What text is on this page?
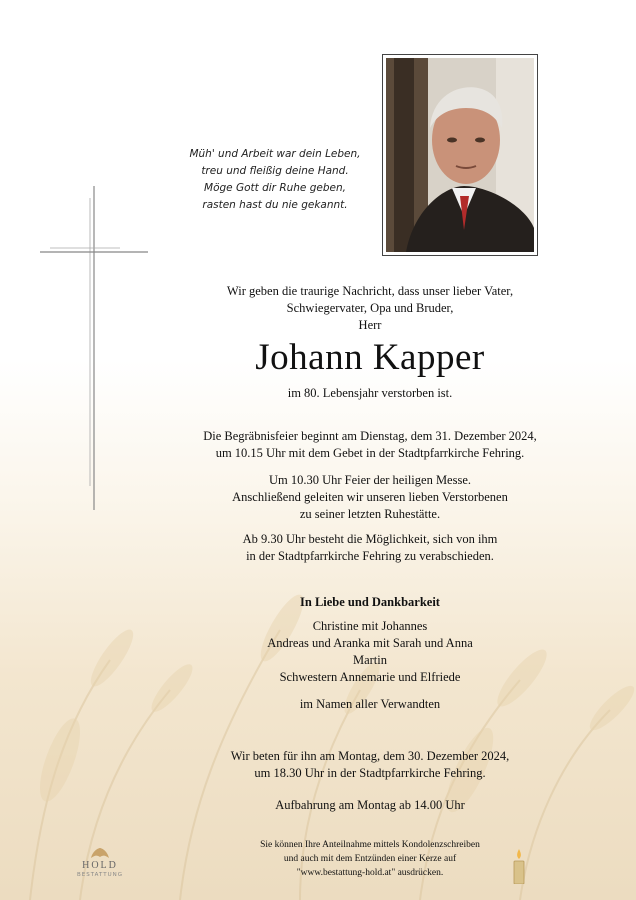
Müh' und Arbeit war dein Leben,
treu und fleißig deine Hand.
Möge Gott dir Ruhe geben,
rasten hast du nie gekannt.
Wir geben die traurige Nachricht, dass unser lieber Vater,
Schwiegervater, Opa und Bruder,
Herr
Johann Kapper
im 80. Lebensjahr verstorben ist.
Die Begräbnisfeier beginnt am Dienstag, dem 31. Dezember 2024,
um 10.15 Uhr mit dem Gebet in der Stadtpfarrkirche Fehring.
Um 10.30 Uhr Feier der heiligen Messe.
Anschließend geleiten wir unseren lieben Verstorbenen
zu seiner letzten Ruhestätte.
Ab 9.30 Uhr besteht die Möglichkeit, sich von ihm
in der Stadtpfarrkirche Fehring zu verabschieden.
In Liebe und Dankbarkeit
Christine mit Johannes
Andreas und Aranka mit Sarah und Anna
Martin
Schwestern Annemarie und Elfriede
im Namen aller Verwandten
Wir beten für ihn am Montag, dem 30. Dezember 2024,
um 18.30 Uhr in der Stadtpfarrkirche Fehring.
Aufbahrung am Montag ab 14.00 Uhr
Sie können Ihre Anteilnahme mittels Kondolenzschreiben
und auch mit dem Entzünden einer Kerze auf
"www.bestattung-hold.at" ausdrücken.
HOLD
BESTATTUNG
